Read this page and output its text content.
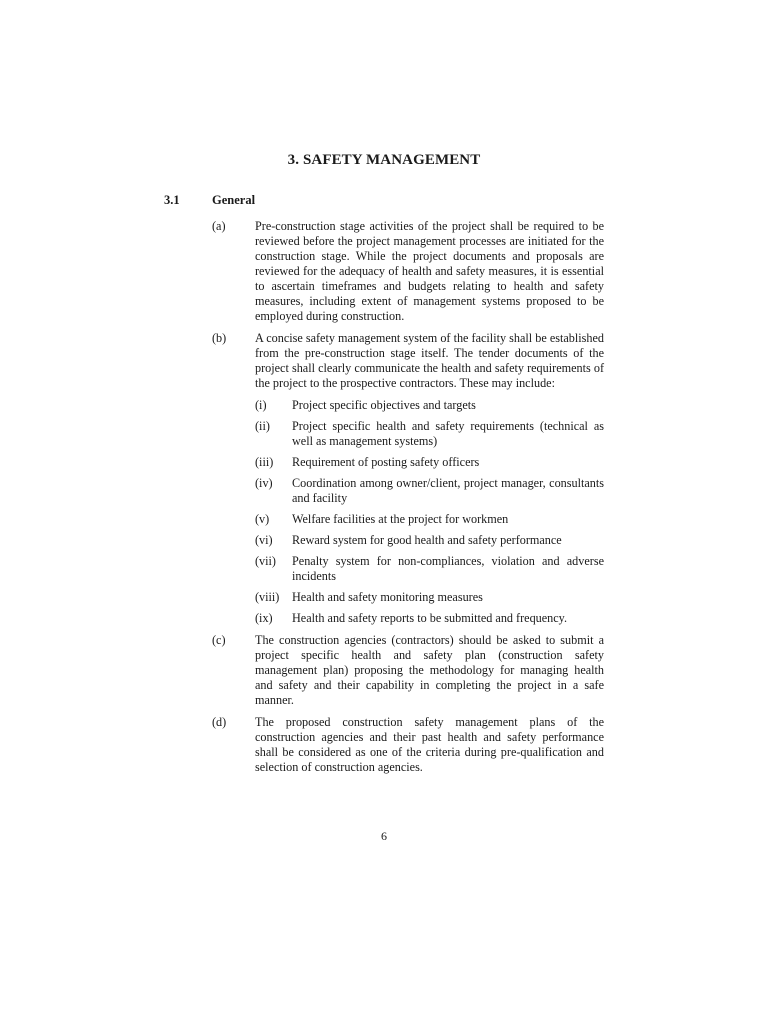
3. SAFETY MANAGEMENT
3.1	General
(a) Pre-construction stage activities of the project shall be required to be reviewed before the project management processes are initiated for the construction stage. While the project documents and proposals are reviewed for the adequacy of health and safety measures, it is essential to ascertain timeframes and budgets relating to health and safety measures, including extent of management systems proposed to be employed during construction.
(b) A concise safety management system of the facility shall be established from the pre-construction stage itself. The tender documents of the project shall clearly communicate the health and safety requirements of the project to the prospective contractors. These may include:
(i) Project specific objectives and targets
(ii) Project specific health and safety requirements (technical as well as management systems)
(iii) Requirement of posting safety officers
(iv) Coordination among owner/client, project manager, consultants and facility
(v) Welfare facilities at the project for workmen
(vi) Reward system for good health and safety performance
(vii) Penalty system for non-compliances, violation and adverse incidents
(viii) Health and safety monitoring measures
(ix) Health and safety reports to be submitted and frequency.
(c) The construction agencies (contractors) should be asked to submit a project specific health and safety plan (construction safety management plan) proposing the methodology for managing health and safety and their capability in completing the project in a safe manner.
(d) The proposed construction safety management plans of the construction agencies and their past health and safety performance shall be considered as one of the criteria during pre-qualification and selection of construction agencies.
6
